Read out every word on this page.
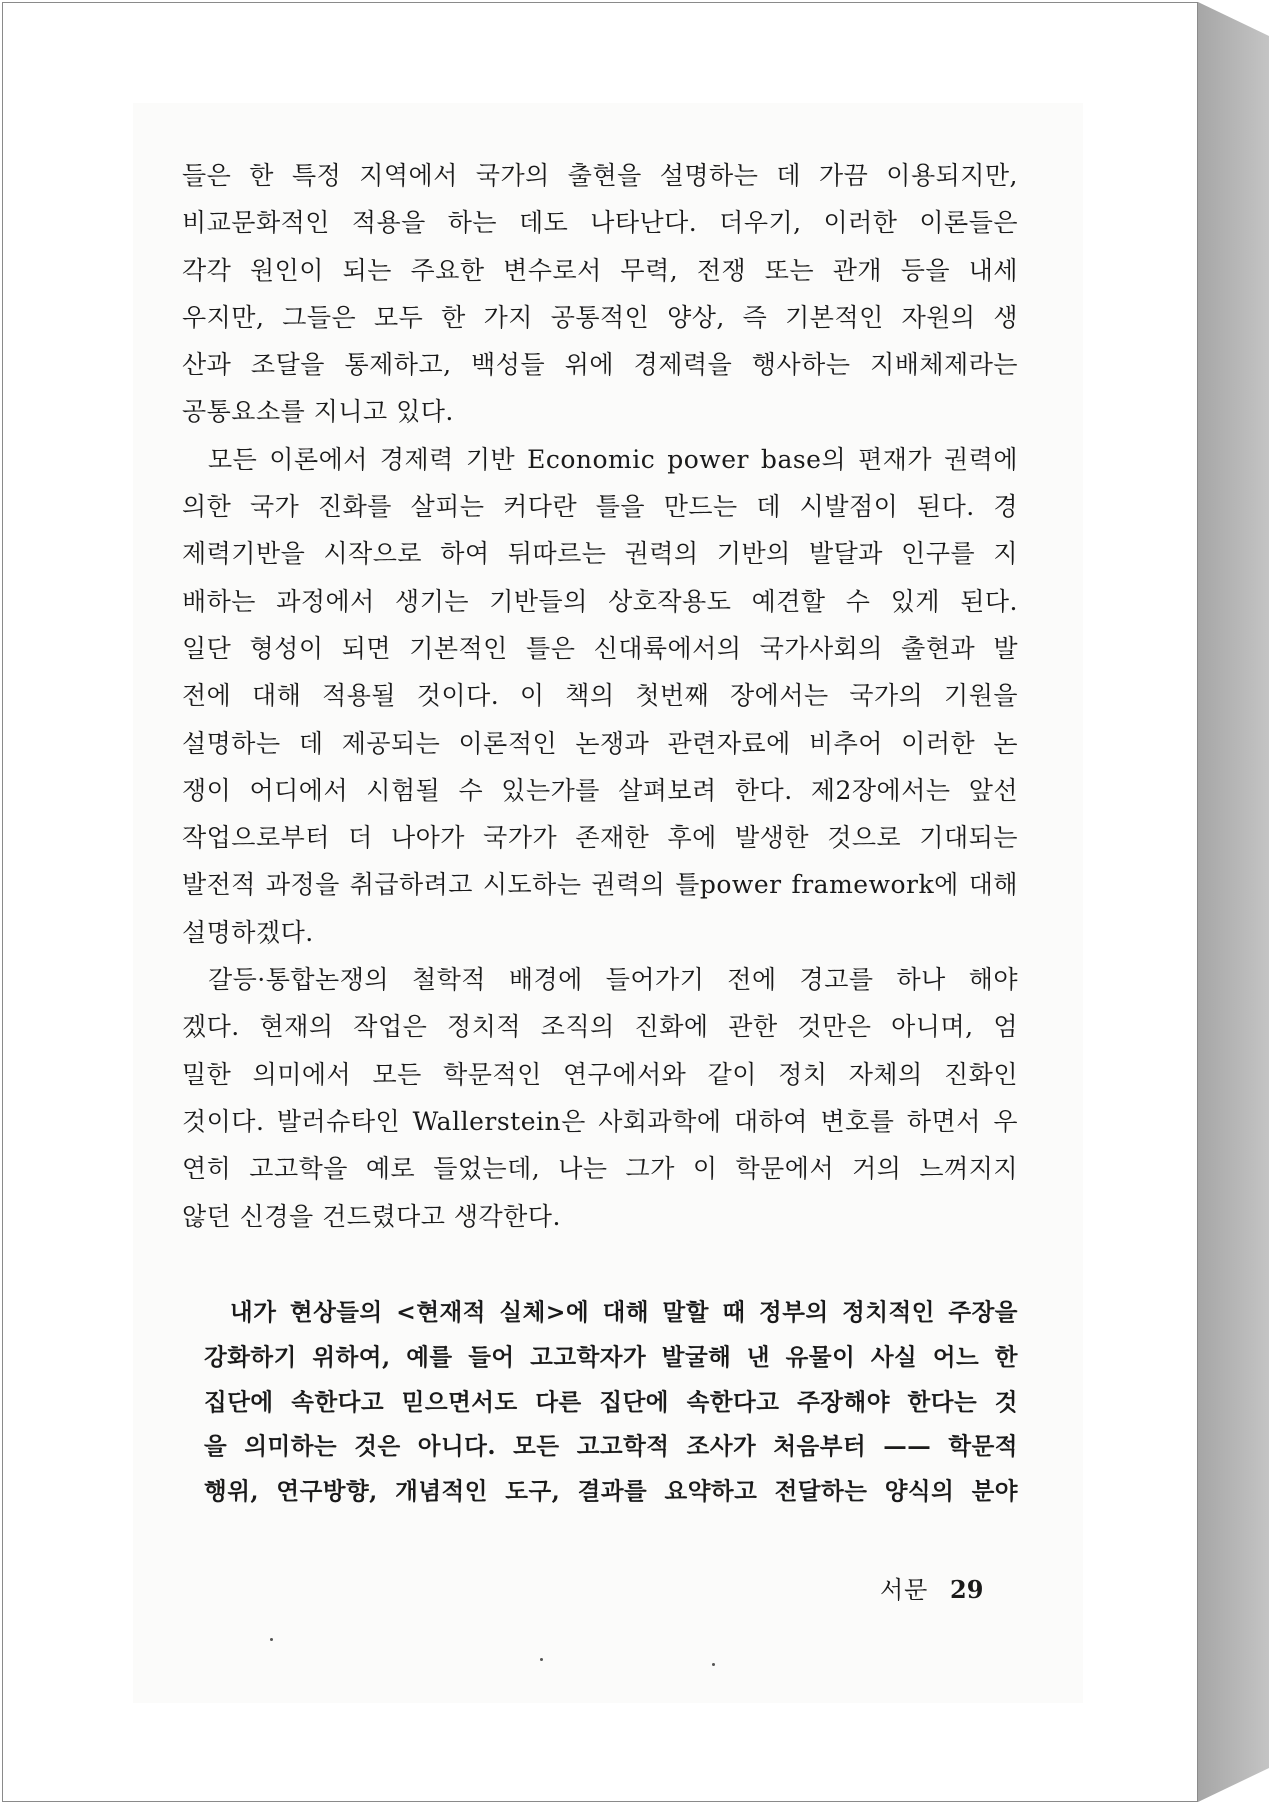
들은 한 특정 지역에서 국가의 출현을 설명하는 데 가끔 이용되지만,
비교문화적인 적용을 하는 데도 나타난다. 더우기, 이러한 이론들은
각각 원인이 되는 주요한 변수로서 무력, 전쟁 또는 관개 등을 내세
우지만, 그들은 모두 한 가지 공통적인 양상, 즉 기본적인 자원의 생
산과 조달을 통제하고, 백성들 위에 경제력을 행사하는 지배체제라는
공통요소를 지니고 있다.
모든 이론에서 경제력 기반 Economic power base의 편재가 권력에
의한 국가 진화를 살피는 커다란 틀을 만드는 데 시발점이 된다. 경
제력기반을 시작으로 하여 뒤따르는 권력의 기반의 발달과 인구를 지
배하는 과정에서 생기는 기반들의 상호작용도 예견할 수 있게 된다.
일단 형성이 되면 기본적인 틀은 신대륙에서의 국가사회의 출현과 발
전에 대해 적용될 것이다. 이 책의 첫번째 장에서는 국가의 기원을
설명하는 데 제공되는 이론적인 논쟁과 관련자료에 비추어 이러한 논
쟁이 어디에서 시험될 수 있는가를 살펴보려 한다. 제2장에서는 앞선
작업으로부터 더 나아가 국가가 존재한 후에 발생한 것으로 기대되는
발전적 과정을 취급하려고 시도하는 권력의 틀power framework에 대해
설명하겠다.
갈등·통합논쟁의 철학적 배경에 들어가기 전에 경고를 하나 해야
겠다. 현재의 작업은 정치적 조직의 진화에 관한 것만은 아니며, 엄
밀한 의미에서 모든 학문적인 연구에서와 같이 정치 자체의 진화인
것이다. 발러슈타인 Wallerstein은 사회과학에 대하여 변호를 하면서 우
연히 고고학을 예로 들었는데, 나는 그가 이 학문에서 거의 느껴지지
않던 신경을 건드렸다고 생각한다.
내가 현상들의 <현재적 실체>에 대해 말할 때 정부의 정치적인 주장을
강화하기 위하여, 예를 들어 고고학자가 발굴해 낸 유물이 사실 어느 한
집단에 속한다고 믿으면서도 다른 집단에 속한다고 주장해야 한다는 것
을 의미하는 것은 아니다. 모든 고고학적 조사가 처음부터 —— 학문적
행위, 연구방향, 개념적인 도구, 결과를 요약하고 전달하는 양식의 분야
서문 29
